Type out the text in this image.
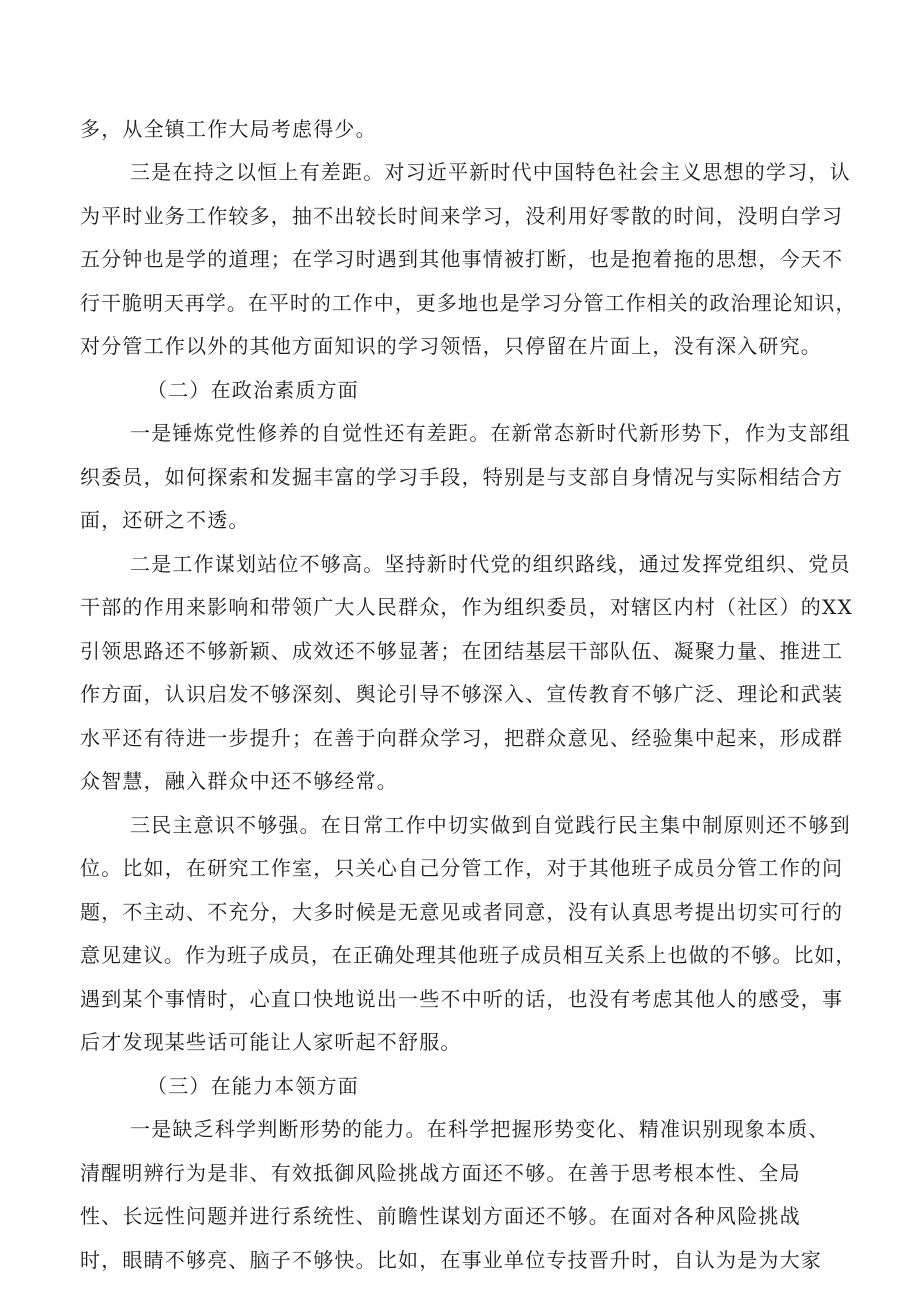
多，从全镇工作大局考虑得少。
三是在持之以恒上有差距。对习近平新时代中国特色社会主义思想的学习，认
为平时业务工作较多，抽不出较长时间来学习，没利用好零散的时间，没明白学习
五分钟也是学的道理；在学习时遇到其他事情被打断，也是抱着拖的思想，今天不
行干脆明天再学。在平时的工作中，更多地也是学习分管工作相关的政治理论知识，
对分管工作以外的其他方面知识的学习领悟，只停留在片面上，没有深入研究。
（二）在政治素质方面
一是锤炼党性修养的自觉性还有差距。在新常态新时代新形势下，作为支部组
织委员，如何探索和发掘丰富的学习手段，特别是与支部自身情况与实际相结合方
面，还研之不透。
二是工作谋划站位不够高。坚持新时代党的组织路线，通过发挥党组织、党员
干部的作用来影响和带领广大人民群众，作为组织委员，对辖区内村（社区）的XX
引领思路还不够新颖、成效还不够显著；在团结基层干部队伍、凝聚力量、推进工
作方面，认识启发不够深刻、舆论引导不够深入、宣传教育不够广泛、理论和武装
水平还有待进一步提升；在善于向群众学习，把群众意见、经验集中起来，形成群
众智慧，融入群众中还不够经常。
三民主意识不够强。在日常工作中切实做到自觉践行民主集中制原则还不够到
位。比如，在研究工作室，只关心自己分管工作，对于其他班子成员分管工作的问
题，不主动、不充分，大多时候是无意见或者同意，没有认真思考提出切实可行的
意见建议。作为班子成员，在正确处理其他班子成员相互关系上也做的不够。比如，
遇到某个事情时，心直口快地说出一些不中听的话，也没有考虑其他人的感受，事
后才发现某些话可能让人家听起不舒服。
（三）在能力本领方面
一是缺乏科学判断形势的能力。在科学把握形势变化、精准识别现象本质、
清醒明辨行为是非、有效抵御风险挑战方面还不够。在善于思考根本性、全局
性、长远性问题并进行系统性、前瞻性谋划方面还不够。在面对各种风险挑战
时，眼睛不够亮、脑子不够快。比如，在事业单位专技晋升时，自认为是为大家
